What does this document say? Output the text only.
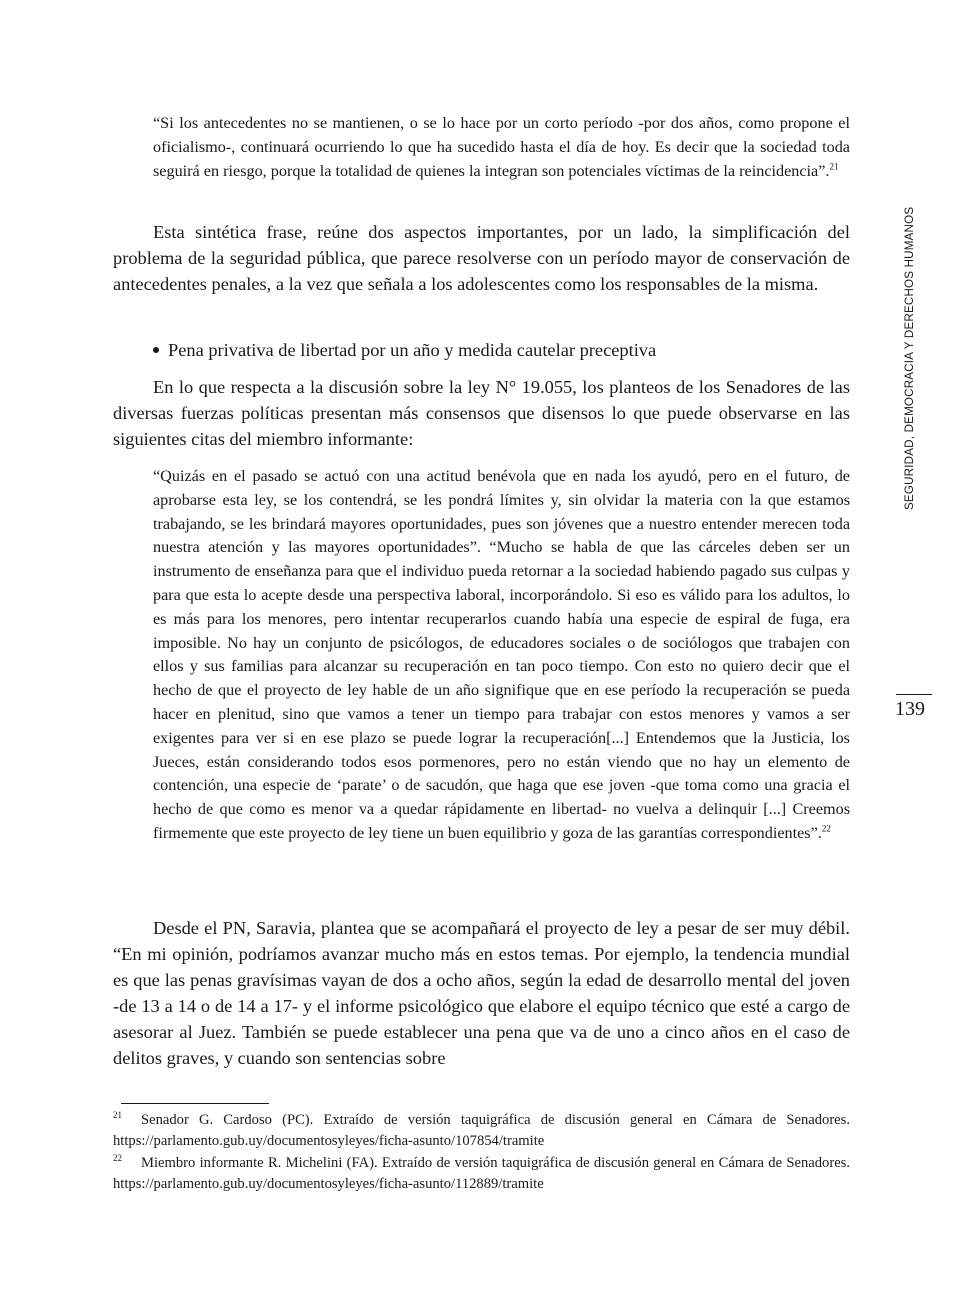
“Si los antecedentes no se mantienen, o se lo hace por un corto período -por dos años, como propone el oficialismo-, continuará ocurriendo lo que ha sucedido hasta el día de hoy. Es decir que la sociedad toda seguirá en riesgo, porque la totalidad de quienes la integran son potenciales víctimas de la reincidencia”.$^{21}$

Esta sintética frase, reúne dos aspectos importantes, por un lado, la simplificación del problema de la seguridad pública, que parece resolverse con un período mayor de conservación de antecedentes penales, a la vez que señala a los adolescentes como los responsables de la misma.

Pena privativa de libertad por un año y medida cautelar preceptiva

En lo que respecta a la discusión sobre la ley N° 19.055, los planteos de los Senadores de las diversas fuerzas políticas presentan más consensos que disensos lo que puede observarse en las siguientes citas del miembro informante:

“Quizás en el pasado se actuó con una actitud benévola que en nada los ayudó, pero en el futuro, de aprobarse esta ley, se los contendrá, se les pondrá límites y, sin olvidar la materia con la que estamos trabajando, se les brindará mayores oportunidades, pues son jóvenes que a nuestro entender merecen toda nuestra atención y las mayores oportunidades”. “Mucho se habla de que las cárceles deben ser un instrumento de enseñanza para que el individuo pueda retornar a la sociedad habiendo pagado sus culpas y para que esta lo acepte desde una perspectiva laboral, incorporándolo. Si eso es válido para los adultos, lo es más para los menores, pero intentar recuperarlos cuando había una especie de espiral de fuga, era imposible. No hay un conjunto de psicólogos, de educadores sociales o de sociólogos que trabajen con ellos y sus familias para alcanzar su recuperación en tan poco tiempo. Con esto no quiero decir que el hecho de que el proyecto de ley hable de un año signifique que en ese período la recuperación se pueda hacer en plenitud, sino que vamos a tener un tiempo para trabajar con estos menores y vamos a ser exigentes para ver si en ese plazo se puede lograr la recuperación[...] Entendemos que la Justicia, los Jueces, están considerando todos esos pormenores, pero no están viendo que no hay un elemento de contención, una especie de ‘parate’ o de sacudón, que haga que ese joven -que toma como una gracia el hecho de que como es menor va a quedar rápidamente en libertad- no vuelva a delinquir [...] Creemos firmemente que este proyecto de ley tiene un buen equilibrio y goza de las garantías correspondientes”.$^{22}$

Desde el PN, Saravia, plantea que se acompañará el proyecto de ley a pesar de ser muy débil. “En mi opinión, podríamos avanzar mucho más en estos temas. Por ejemplo, la tendencia mundial es que las penas gravísimas vayan de dos a ocho años, según la edad de desarrollo mental del joven -de 13 a 14 o de 14 a 17- y el informe psicológico que elabore el equipo técnico que esté a cargo de asesorar al Juez. También se puede establecer una pena que va de uno a cinco años en el caso de delitos graves, y cuando son sentencias sobre

21 Senador G. Cardoso (PC). Extraído de versión taquigráfica de discusión general en Cámara de Senadores. https://parlamento.gub.uy/documentosyleyes/ficha-asunto/107854/tramite

22 Miembro informante R. Michelini (FA). Extraído de versión taquigráfica de discusión general en Cámara de Senadores. https://parlamento.gub.uy/documentosyleyes/ficha-asunto/112889/tramite

SEGURIDAD, DEMOCRACIA Y DERECHOS HUMANOS
139
